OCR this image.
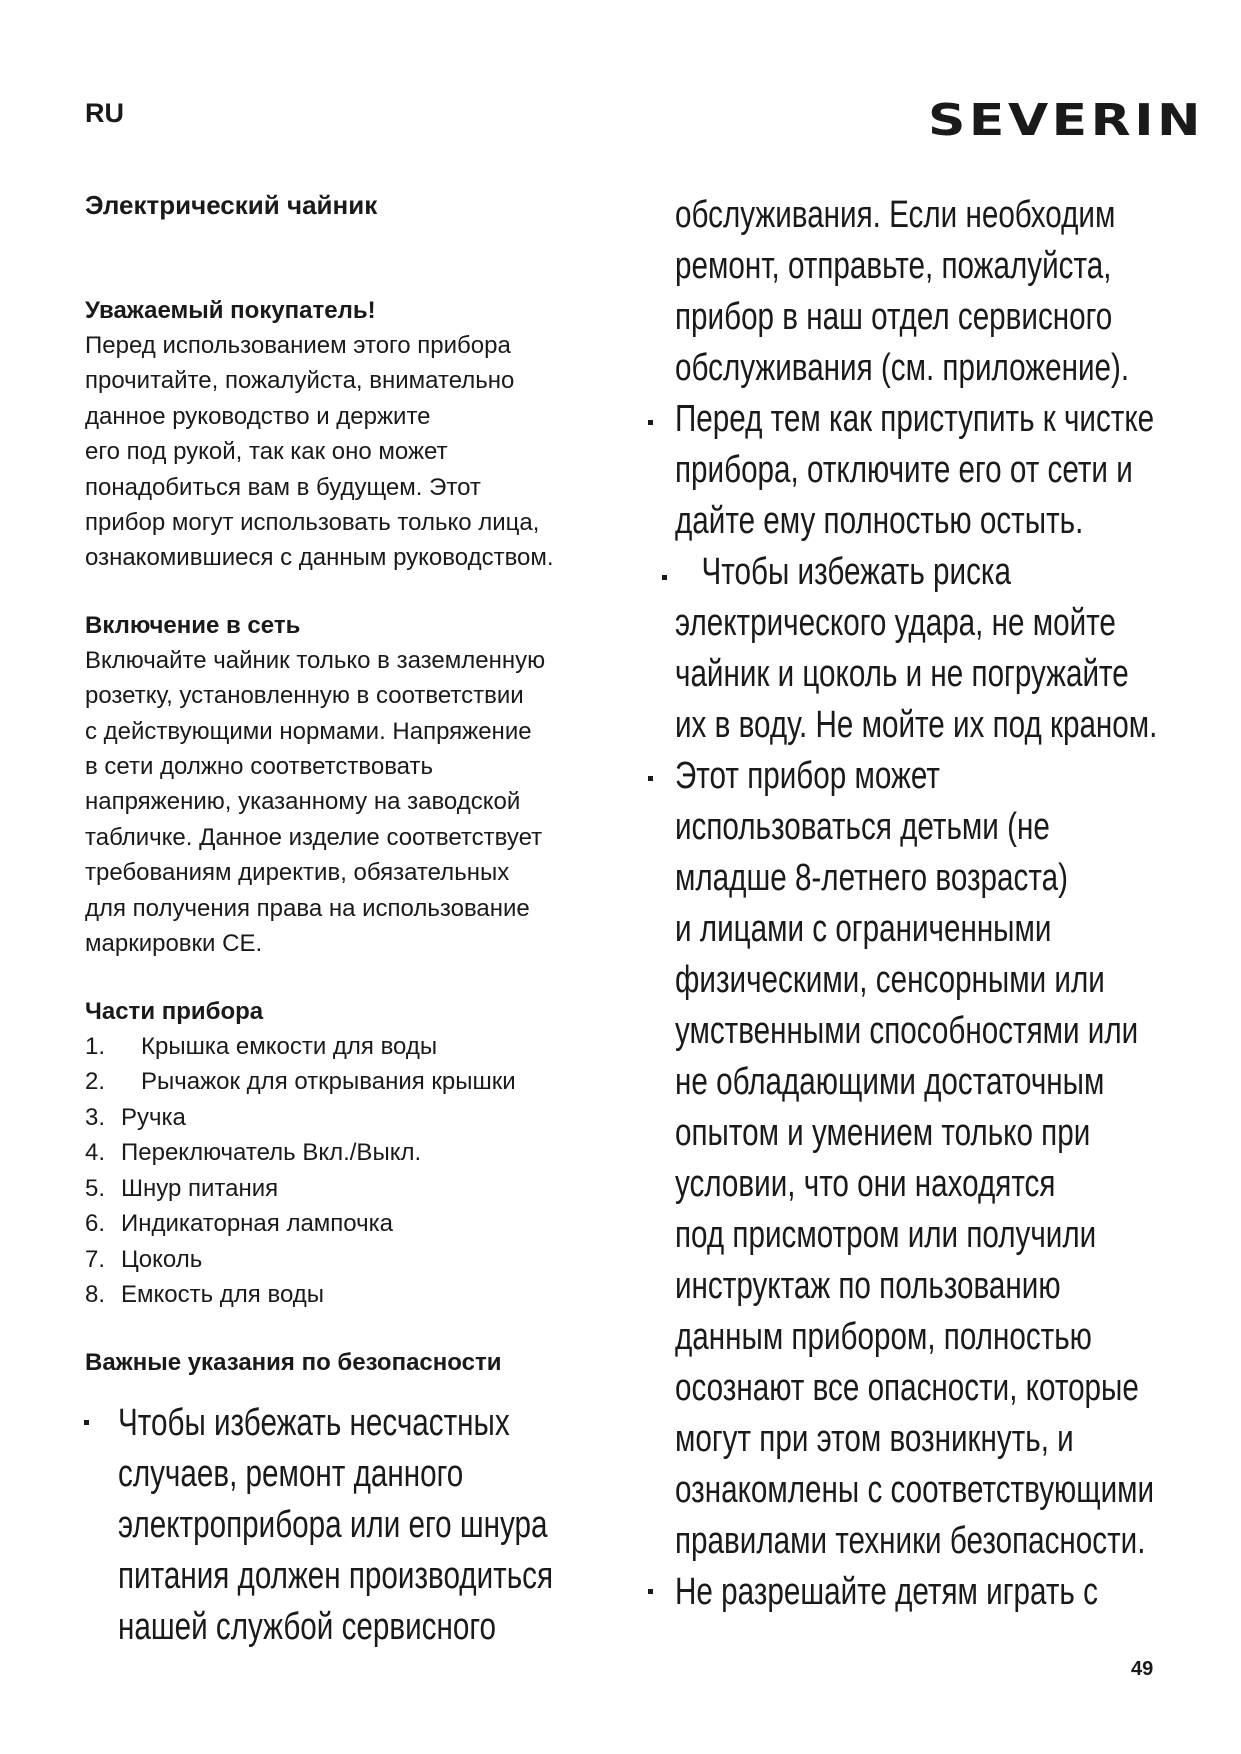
RU	SEVERIN
Электрический чайник
Уважаемый покупатель!
Перед использованием этого прибора
прочитайте, пожалуйста, внимательно
данное руководство и держите
его под рукой, так как оно может
понадобиться вам в будущем. Этот
прибор могут использовать только лица,
ознакомившиеся с данным руководством.
Включение в сеть
Включайте чайник только в заземленную
розетку, установленную в соответствии
с действующими нормами. Напряжение
в сети должно соответствовать
напряжению, указанному на заводской
табличке. Данное изделие соответствует
требованиям директив, обязательных
для получения права на использование
маркировки CE.
Части прибора
1. Крышка емкости для воды
2. Рычажок для открывания крышки
3. Ручка
4. Переключатель Вкл./Выкл.
5. Шнур питания
6. Индикаторная лампочка
7. Цоколь
8. Емкость для воды
Важные указания по безопасности
Чтобы избежать несчастных
случаев, ремонт данного
электроприбора или его шнура
питания должен производиться
нашей службой сервисного
обслуживания. Если необходим
ремонт, отправьте, пожалуйста,
прибор в наш отдел сервисного
обслуживания (см. приложение).
Перед тем как приступить к чистке
прибора, отключите его от сети и
дайте ему полностью остыть.
Чтобы избежать риска
электрического удара, не мойте
чайник и цоколь и не погружайте
их в воду. Не мойте их под краном.
Этот прибор может
использоваться детьми (не
младше 8-летнего возраста)
и лицами с ограниченными
физическими, сенсорными или
умственными способностями или
не обладающими достаточным
опытом и умением только при
условии, что они находятся
под присмотром или получили
инструктаж по пользованию
данным прибором, полностью
осознают все опасности, которые
могут при этом возникнуть, и
ознакомлены с соответствующими
правилами техники безопасности.
Не разрешайте детям играть с
49
